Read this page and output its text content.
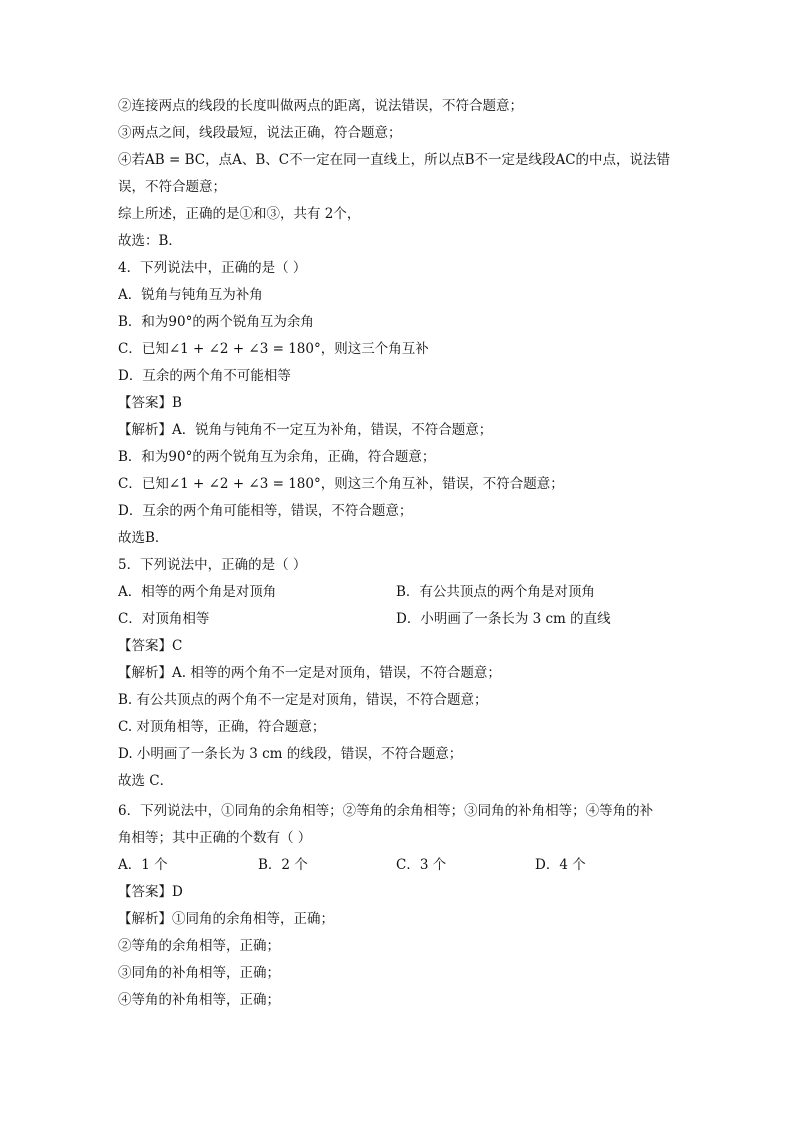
②连接两点的线段的长度叫做两点的距离，说法错误，不符合题意；
③两点之间，线段最短，说法正确，符合题意；
④若AB = BC，点A、B、C不一定在同一直线上，所以点B不一定是线段AC的中点，说法错
误，不符合题意；
综上所述，正确的是①和③，共有 2个，
故选：B．
4．下列说法中，正确的是（ ）
A．锐角与钝角互为补角
B．和为90°的两个锐角互为余角
C．已知∠1 + ∠2 + ∠3 = 180°，则这三个角互补
D．互余的两个角不可能相等
【答案】B
【解析】A．锐角与钝角不一定互为补角，错误，不符合题意；
B．和为90°的两个锐角互为余角，正确，符合题意；
C．已知∠1 + ∠2 + ∠3 = 180°，则这三个角互补，错误，不符合题意；
D．互余的两个角可能相等，错误，不符合题意；
故选B．
5．下列说法中，正确的是（ ）
A．相等的两个角是对顶角	B．有公共顶点的两个角是对顶角
C．对顶角相等	D．小明画了一条长为 3 cm 的直线
【答案】C
【解析】A. 相等的两个角不一定是对顶角，错误，不符合题意；
B. 有公共顶点的两个角不一定是对顶角，错误，不符合题意；
C. 对顶角相等，正确，符合题意；
D. 小明画了一条长为 3 cm 的线段，错误，不符合题意；
故选 C．
6．下列说法中，①同角的余角相等；②等角的余角相等；③同角的补角相等；④等角的补
角相等；其中正确的个数有（ ）
A．1 个	B．2 个	C．3 个	D．4 个
【答案】D
【解析】①同角的余角相等，正确；
②等角的余角相等，正确；
③同角的补角相等，正确；
④等角的补角相等，正确；
